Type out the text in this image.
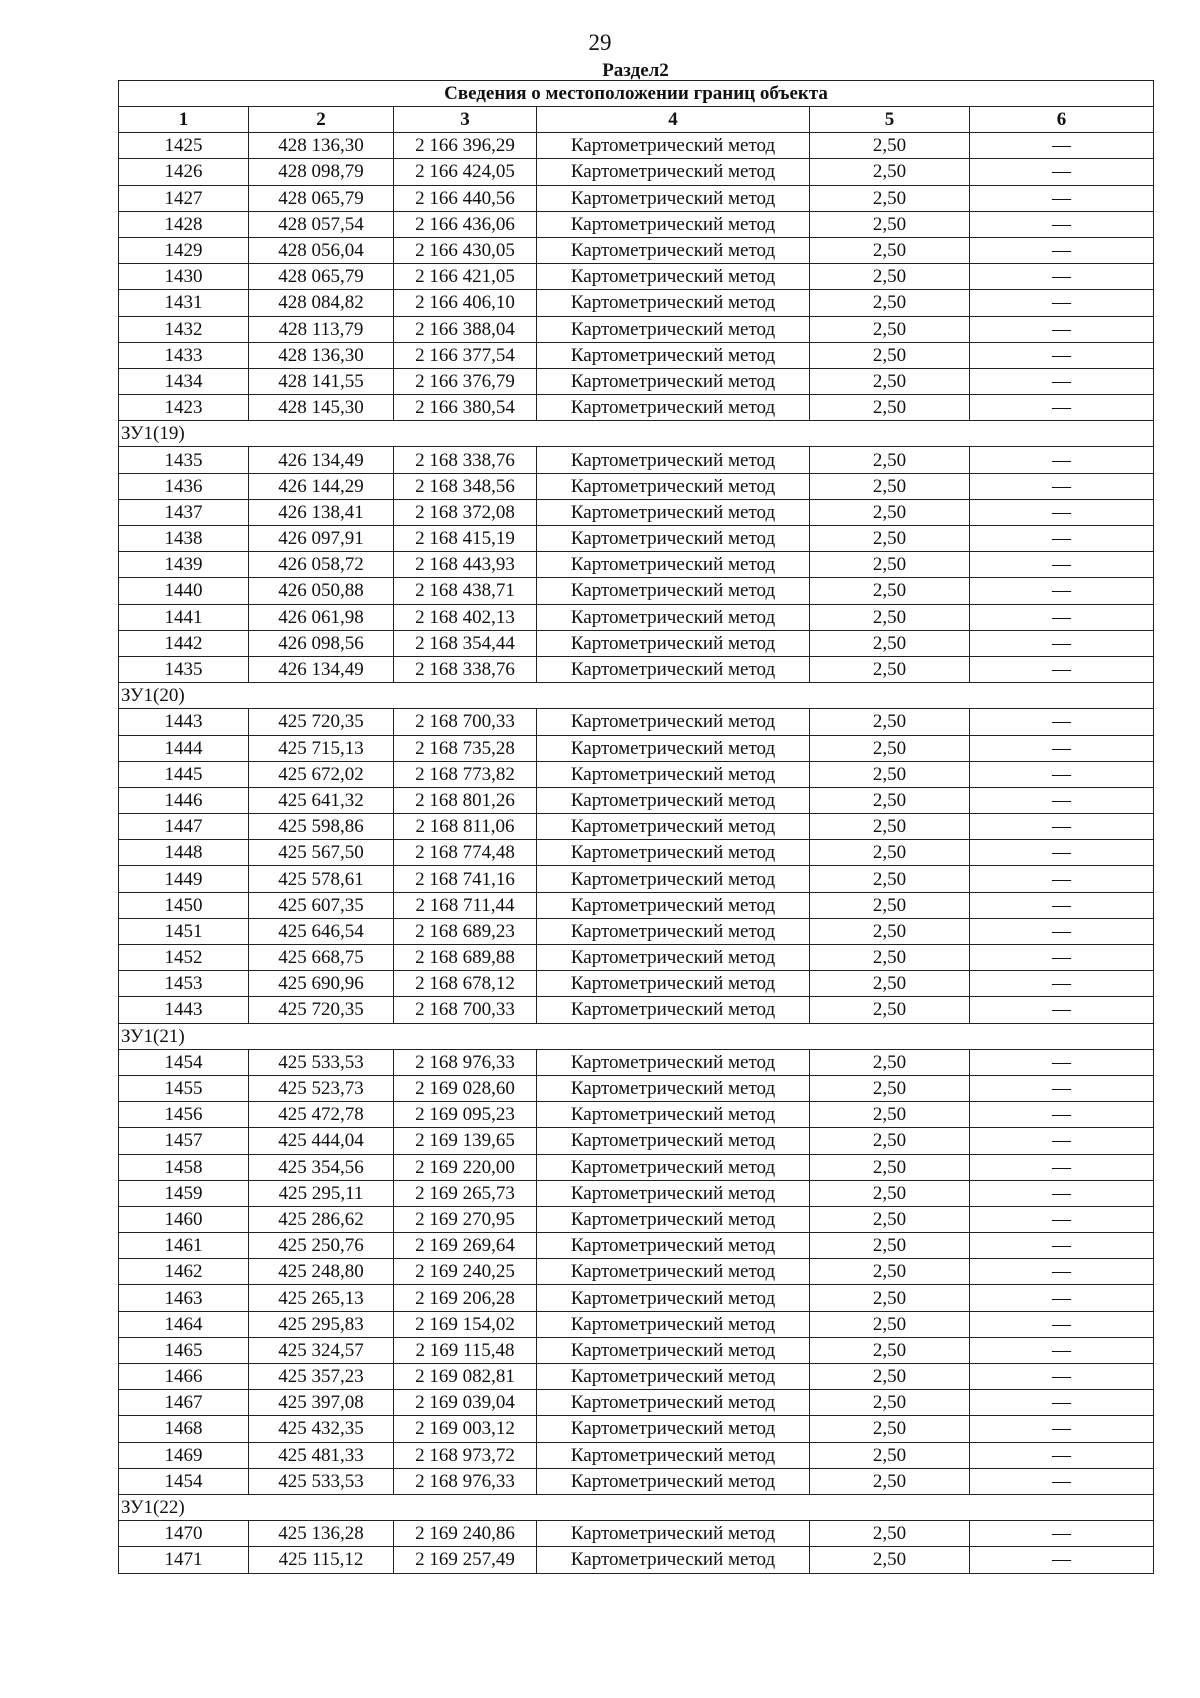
29
Раздел2
Сведения о местоположении границ объекта					
1	2	3	4	5	6
1425	428 136,30	2 166 396,29	Картометрический метод	2,50	—
1426	428 098,79	2 166 424,05	Картометрический метод	2,50	—
1427	428 065,79	2 166 440,56	Картометрический метод	2,50	—
1428	428 057,54	2 166 436,06	Картометрический метод	2,50	—
1429	428 056,04	2 166 430,05	Картометрический метод	2,50	—
1430	428 065,79	2 166 421,05	Картометрический метод	2,50	—
1431	428 084,82	2 166 406,10	Картометрический метод	2,50	—
1432	428 113,79	2 166 388,04	Картометрический метод	2,50	—
1433	428 136,30	2 166 377,54	Картометрический метод	2,50	—
1434	428 141,55	2 166 376,79	Картометрический метод	2,50	—
1423	428 145,30	2 166 380,54	Картометрический метод	2,50	—
ЗУ1(19)					
1435	426 134,49	2 168 338,76	Картометрический метод	2,50	—
1436	426 144,29	2 168 348,56	Картометрический метод	2,50	—
1437	426 138,41	2 168 372,08	Картометрический метод	2,50	—
1438	426 097,91	2 168 415,19	Картометрический метод	2,50	—
1439	426 058,72	2 168 443,93	Картометрический метод	2,50	—
1440	426 050,88	2 168 438,71	Картометрический метод	2,50	—
1441	426 061,98	2 168 402,13	Картометрический метод	2,50	—
1442	426 098,56	2 168 354,44	Картометрический метод	2,50	—
1435	426 134,49	2 168 338,76	Картометрический метод	2,50	—
ЗУ1(20)					
1443	425 720,35	2 168 700,33	Картометрический метод	2,50	—
1444	425 715,13	2 168 735,28	Картометрический метод	2,50	—
1445	425 672,02	2 168 773,82	Картометрический метод	2,50	—
1446	425 641,32	2 168 801,26	Картометрический метод	2,50	—
1447	425 598,86	2 168 811,06	Картометрический метод	2,50	—
1448	425 567,50	2 168 774,48	Картометрический метод	2,50	—
1449	425 578,61	2 168 741,16	Картометрический метод	2,50	—
1450	425 607,35	2 168 711,44	Картометрический метод	2,50	—
1451	425 646,54	2 168 689,23	Картометрический метод	2,50	—
1452	425 668,75	2 168 689,88	Картометрический метод	2,50	—
1453	425 690,96	2 168 678,12	Картометрический метод	2,50	—
1443	425 720,35	2 168 700,33	Картометрический метод	2,50	—
ЗУ1(21)					
1454	425 533,53	2 168 976,33	Картометрический метод	2,50	—
1455	425 523,73	2 169 028,60	Картометрический метод	2,50	—
1456	425 472,78	2 169 095,23	Картометрический метод	2,50	—
1457	425 444,04	2 169 139,65	Картометрический метод	2,50	—
1458	425 354,56	2 169 220,00	Картометрический метод	2,50	—
1459	425 295,11	2 169 265,73	Картометрический метод	2,50	—
1460	425 286,62	2 169 270,95	Картометрический метод	2,50	—
1461	425 250,76	2 169 269,64	Картометрический метод	2,50	—
1462	425 248,80	2 169 240,25	Картометрический метод	2,50	—
1463	425 265,13	2 169 206,28	Картометрический метод	2,50	—
1464	425 295,83	2 169 154,02	Картометрический метод	2,50	—
1465	425 324,57	2 169 115,48	Картометрический метод	2,50	—
1466	425 357,23	2 169 082,81	Картометрический метод	2,50	—
1467	425 397,08	2 169 039,04	Картометрический метод	2,50	—
1468	425 432,35	2 169 003,12	Картометрический метод	2,50	—
1469	425 481,33	2 168 973,72	Картометрический метод	2,50	—
1454	425 533,53	2 168 976,33	Картометрический метод	2,50	—
ЗУ1(22)					
1470	425 136,28	2 169 240,86	Картометрический метод	2,50	—
1471	425 115,12	2 169 257,49	Картометрический метод	2,50	—
